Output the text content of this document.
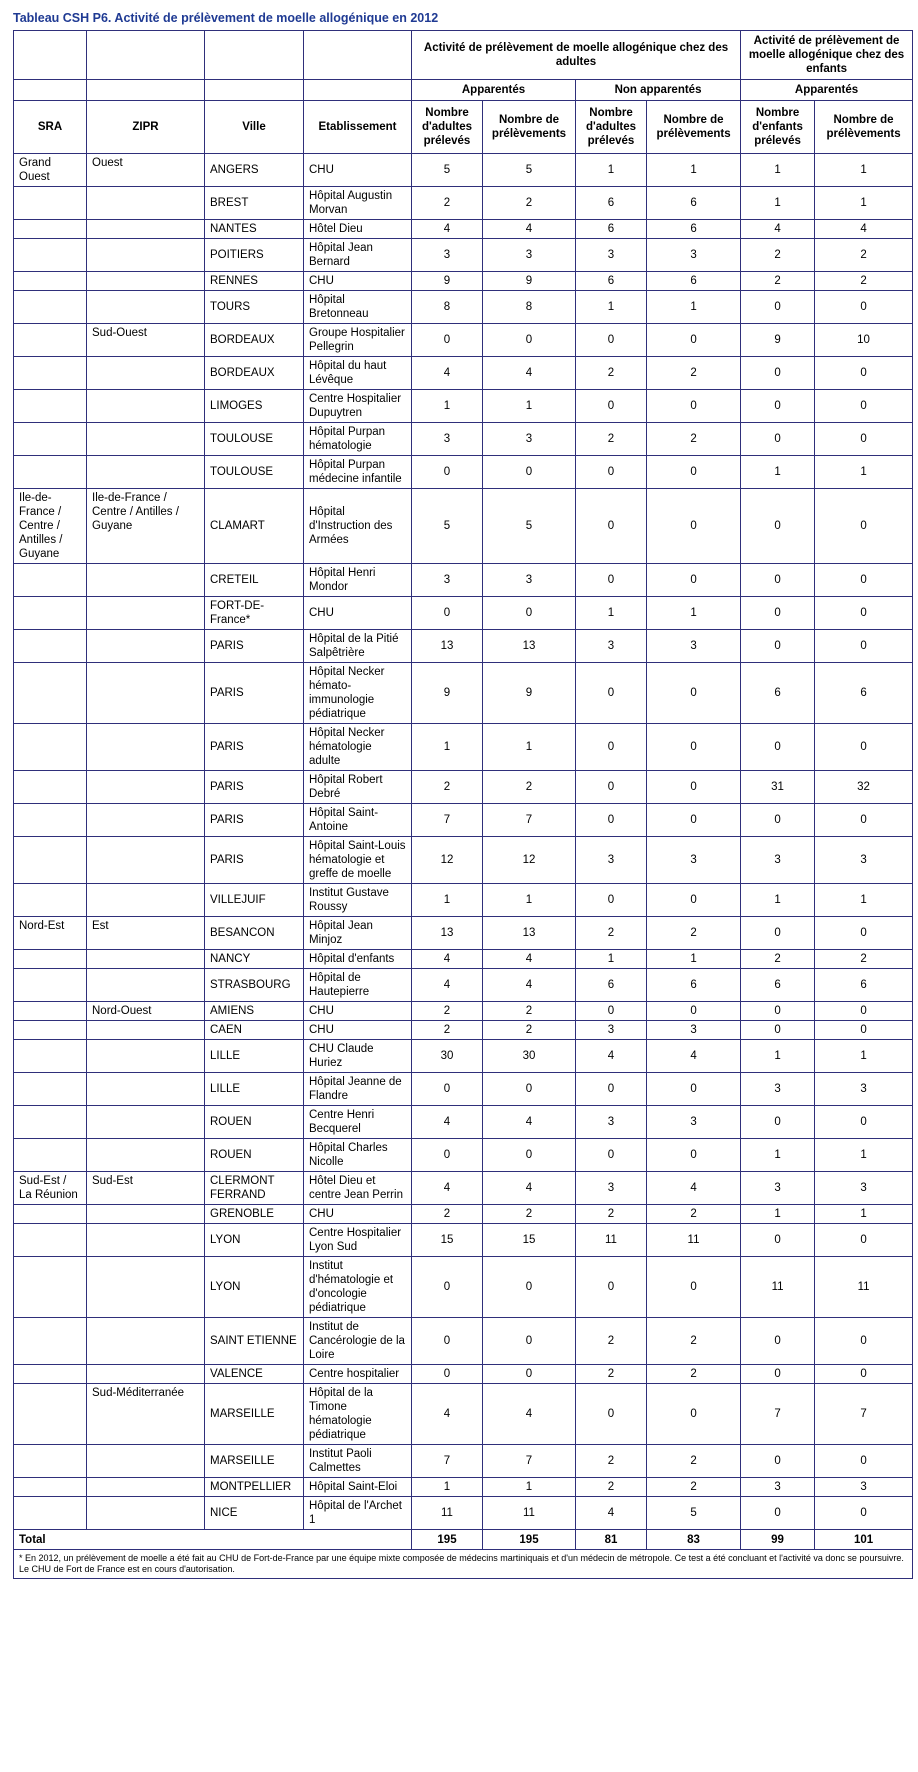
Tableau CSH P6. Activité de prélèvement de moelle allogénique en 2012
				Activité de prélèvement de moelle allogénique chez des adultes				Activité de prélèvement de moelle allogénique chez des enfants	
				Apparentés		Non apparentés		Apparentés	
SRA	ZIPR	Ville	Etablissement	Nombre d'adultes prélevés	Nombre de prélèvements	Nombre d'adultes prélevés	Nombre de prélèvements	Nombre d'enfants prélevés	Nombre de prélèvements
Grand Ouest	Ouest	ANGERS	CHU	5	5	1	1	1	1
		BREST	Hôpital Augustin Morvan	2	2	6	6	1	1
		NANTES	Hôtel Dieu	4	4	6	6	4	4
		POITIERS	Hôpital Jean Bernard	3	3	3	3	2	2
		RENNES	CHU	9	9	6	6	2	2
		TOURS	Hôpital Bretonneau	8	8	1	1	0	0
	Sud-Ouest	BORDEAUX	Groupe Hospitalier Pellegrin	0	0	0	0	9	10
		BORDEAUX	Hôpital du haut Lévêque	4	4	2	2	0	0
		LIMOGES	Centre Hospitalier Dupuytren	1	1	0	0	0	0
		TOULOUSE	Hôpital Purpan hématologie	3	3	2	2	0	0
		TOULOUSE	Hôpital Purpan médecine infantile	0	0	0	0	1	1
Ile-de-France / Centre / Antilles / Guyane	Ile-de-France / Centre / Antilles / Guyane	CLAMART	Hôpital d'Instruction des Armées	5	5	0	0	0	0
		CRETEIL	Hôpital Henri Mondor	3	3	0	0	0	0
		FORT-DE-France*	CHU	0	0	1	1	0	0
		PARIS	Hôpital de la Pitié Salpêtrière	13	13	3	3	0	0
		PARIS	Hôpital Necker hémato-immunologie pédiatrique	9	9	0	0	6	6
		PARIS	Hôpital Necker hématologie adulte	1	1	0	0	0	0
		PARIS	Hôpital Robert Debré	2	2	0	0	31	32
		PARIS	Hôpital Saint-Antoine	7	7	0	0	0	0
		PARIS	Hôpital Saint-Louis hématologie et greffe de moelle	12	12	3	3	3	3
		VILLEJUIF	Institut Gustave Roussy	1	1	0	0	1	1
Nord-Est	Est	BESANCON	Hôpital Jean Minjoz	13	13	2	2	0	0
		NANCY	Hôpital d'enfants	4	4	1	1	2	2
		STRASBOURG	Hôpital de Hautepierre	4	4	6	6	6	6
	Nord-Ouest	AMIENS	CHU	2	2	0	0	0	0
		CAEN	CHU	2	2	3	3	0	0
		LILLE	CHU Claude Huriez	30	30	4	4	1	1
		LILLE	Hôpital Jeanne de Flandre	0	0	0	0	3	3
		ROUEN	Centre Henri Becquerel	4	4	3	3	0	0
		ROUEN	Hôpital Charles Nicolle	0	0	0	0	1	1
Sud-Est / La Réunion	Sud-Est	CLERMONT FERRAND	Hôtel Dieu et centre Jean Perrin	4	4	3	4	3	3
		GRENOBLE	CHU	2	2	2	2	1	1
		LYON	Centre Hospitalier Lyon Sud	15	15	11	11	0	0
		LYON	Institut d'hématologie et d'oncologie pédiatrique	0	0	0	0	11	11
		SAINT ETIENNE	Institut de Cancérologie de la Loire	0	0	2	2	0	0
		VALENCE	Centre hospitalier	0	0	2	2	0	0
	Sud-Méditerranée	MARSEILLE	Hôpital de la Timone hématologie pédiatrique	4	4	0	0	7	7
		MARSEILLE	Institut Paoli Calmettes	7	7	2	2	0	0
		MONTPELLIER	Hôpital Saint-Eloi	1	1	2	2	3	3
		NICE	Hôpital de l'Archet 1	11	11	4	5	0	0
Total				195	195	81	83	99	101
* En 2012, un prélèvement de moelle a été fait au CHU de Fort-de-France par une équipe mixte composée de médecins martiniquais et d'un médecin de métropole. Ce test a été concluant et l'activité va donc se poursuivre. Le CHU de Fort de France est en cours d'autorisation.									
